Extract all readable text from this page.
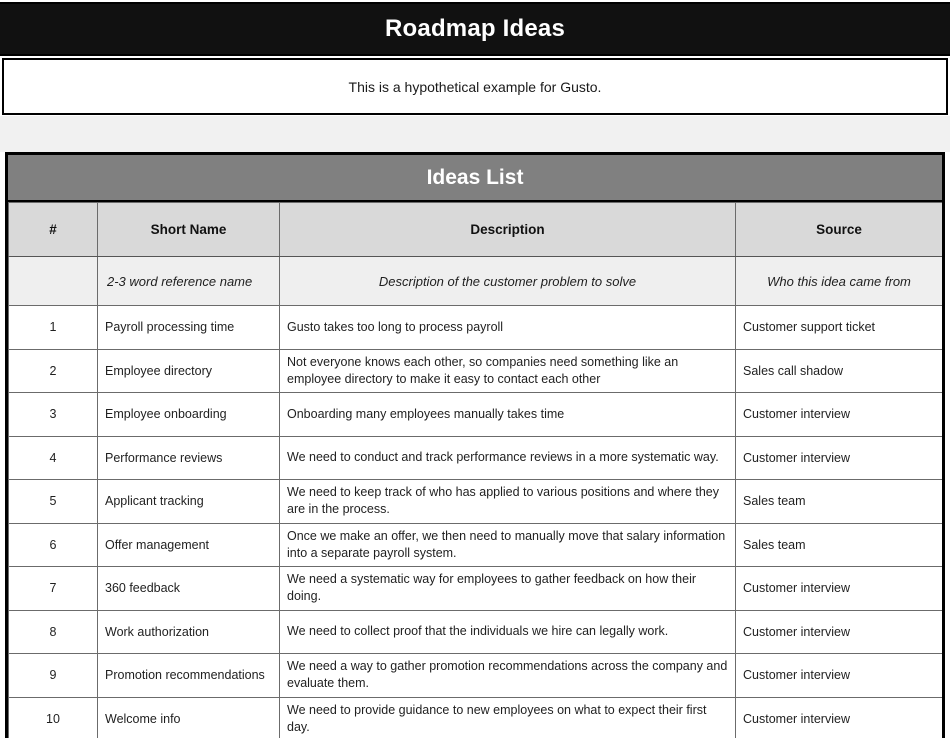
Roadmap Ideas
This is a hypothetical example for Gusto.
Ideas List
#	Short Name	Description	Source
	2-3 word reference name	Description of the customer problem to solve	Who this idea came from
1	Payroll processing time	Gusto takes too long to process payroll	Customer support ticket
2	Employee directory	Not everyone knows each other, so companies need something like an employee directory to make it easy to contact each other	Sales call shadow
3	Employee onboarding	Onboarding many employees manually takes time	Customer interview
4	Performance reviews	We need to conduct and track performance reviews in a more systematic way.	Customer interview
5	Applicant tracking	We need to keep track of who has applied to various positions and where they are in the process.	Sales team
6	Offer management	Once we make an offer, we then need to manually move that salary information into a separate payroll system.	Sales team
7	360 feedback	We need a systematic way for employees to gather feedback on how their doing.	Customer interview
8	Work authorization	We need to collect proof that the individuals we hire can legally work.	Customer interview
9	Promotion recommendations	We need a way to gather promotion recommendations across the company and evaluate them.	Customer interview
10	Welcome info	We need to provide guidance to new employees on what to expect their first day.	Customer interview
